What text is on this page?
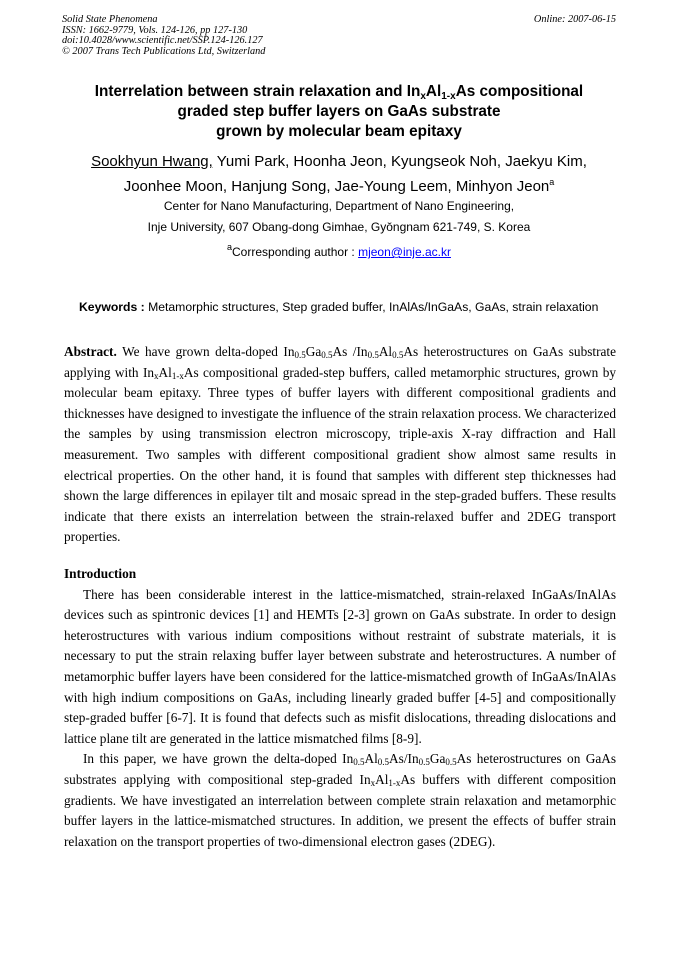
Solid State Phenomena
ISSN: 1662-9779, Vols. 124-126, pp 127-130
doi:10.4028/www.scientific.net/SSP.124-126.127
© 2007 Trans Tech Publications Ltd, Switzerland
Online: 2007-06-15
Interrelation between strain relaxation and $In_xAl_{1-x}As$ compositional
graded step buffer layers on GaAs substrate
grown by molecular beam epitaxy
Sookhyun Hwang, Yumi Park, Hoonha Jeon, Kyungseok Noh, Jaekyu Kim,
Joonhee Moon, Hanjung Song, Jae-Young Leem, Minhyon Jeon$^a$
Center for Nano Manufacturing, Department of Nano Engineering,
Inje University, 607 Obang-dong Gimhae, Gyŏngnam 621-749, S. Korea
$^a$Corresponding author : mjeon@inje.ac.kr
Keywords : Metamorphic structures, Step graded buffer, InAlAs/InGaAs, GaAs, strain relaxation

Abstract. We have grown delta-doped $In_{0.5}Ga_{0.5}As$ $/In_{0.5}Al_{0.5}As$ heterostructures on GaAs substrate applying with $In_xAl_{1-x}As$ compositional graded-step buffers, called metamorphic structures, grown by molecular beam epitaxy. Three types of buffer layers with different compositional gradients and thicknesses have designed to investigate the influence of the strain relaxation process. We characterized the samples by using transmission electron microscopy, triple-axis X-ray diffraction and Hall measurement. Two samples with different compositional gradient show almost same results in electrical properties. On the other hand, it is found that samples with different step thicknesses had shown the large differences in epilayer tilt and mosaic spread in the step-graded buffers. These results indicate that there exists an interrelation between the strain-relaxed buffer and 2DEG transport properties.

Introduction

There has been considerable interest in the lattice-mismatched, strain-relaxed InGaAs/InAlAs devices such as spintronic devices [1] and HEMTs [2-3] grown on GaAs substrate. In order to design heterostructures with various indium compositions without restraint of substrate materials, it is necessary to put the strain relaxing buffer layer between substrate and heterostructures. A number of metamorphic buffer layers have been considered for the lattice-mismatched growth of InGaAs/InAlAs with high indium compositions on GaAs, including linearly graded buffer [4-5] and compositionally step-graded buffer [6-7]. It is found that defects such as misfit dislocations, threading dislocations and lattice plane tilt are generated in the lattice mismatched films [8-9].

In this paper, we have grown the delta-doped $In_{0.5}Al_{0.5}As/In_{0.5}Ga_{0.5}As$ heterostructures on GaAs substrates applying with compositional step-graded $In_xAl_{1-x}As$ buffers with different composition gradients. We have investigated an interrelation between complete strain relaxation and metamorphic buffer layers in the lattice-mismatched structures. In addition, we present the effects of buffer strain relaxation on the transport properties of two-dimensional electron gases (2DEG).
